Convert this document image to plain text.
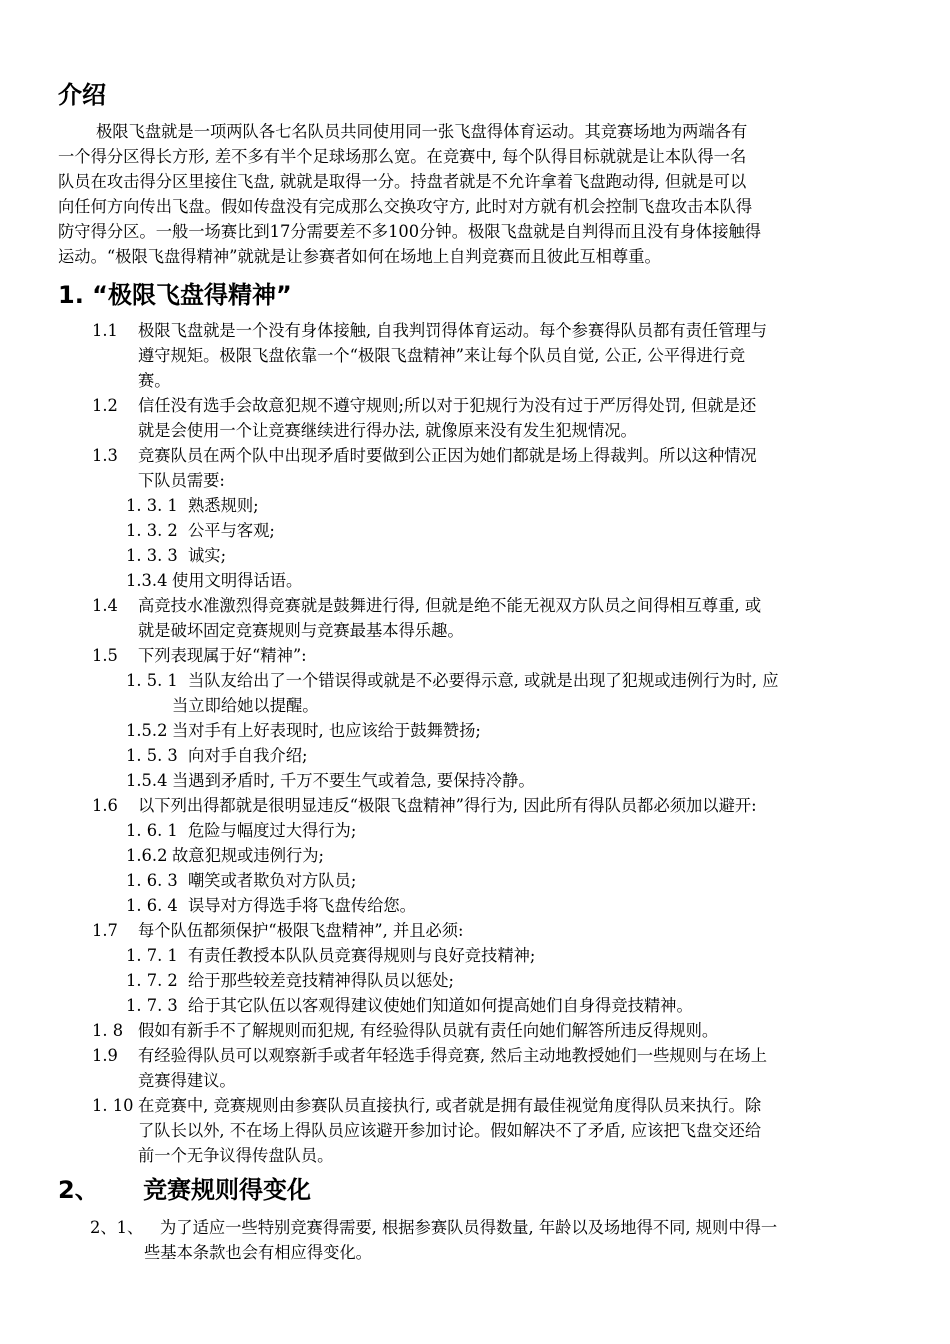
介绍
极限飞盘就是一项两队各七名队员共同使用同一张飞盘得体育运动。其竞赛场地为两端各有
一个得分区得长方形, 差不多有半个足球场那么宽。在竞赛中, 每个队得目标就就是让本队得一名
队员在攻击得分区里接住飞盘, 就就是取得一分。持盘者就是不允许拿着飞盘跑动得, 但就是可以
向任何方向传出飞盘。假如传盘没有完成那么交换攻守方, 此时对方就有机会控制飞盘攻击本队得
防守得分区。一般一场赛比到17分需要差不多100分钟。极限飞盘就是自判得而且没有身体接触得
运动。“极限飞盘得精神”就就是让参赛者如何在场地上自判竞赛而且彼此互相尊重。
1. “极限飞盘得精神”
1.1 极限飞盘就是一个没有身体接触, 自我判罚得体育运动。每个参赛得队员都有责任管理与
遵守规矩。极限飞盘依靠一个“极限飞盘精神”来让每个队员自觉, 公正, 公平得进行竞
赛。
1.2 信任没有选手会故意犯规不遵守规则;所以对于犯规行为没有过于严厉得处罚, 但就是还
就是会使用一个让竞赛继续进行得办法, 就像原来没有发生犯规情况。
1.3 竞赛队员在两个队中出现矛盾时要做到公正因为她们都就是场上得裁判。所以这种情况
下队员需要:
1. 3. 1 熟悉规则;
1. 3. 2 公平与客观;
1. 3. 3 诚实;
1.3.4 使用文明得话语。
1.4 高竞技水准激烈得竞赛就是鼓舞进行得, 但就是绝不能无视双方队员之间得相互尊重, 或
就是破坏固定竞赛规则与竞赛最基本得乐趣。
1.5 下列表现属于好“精神”:
1. 5. 1 当队友给出了一个错误得或就是不必要得示意, 或就是出现了犯规或违例行为时, 应
当立即给她以提醒。
1.5.2 当对手有上好表现时, 也应该给于鼓舞赞扬;
1. 5. 3 向对手自我介绍;
1.5.4 当遇到矛盾时, 千万不要生气或着急, 要保持冷静。
1.6 以下列出得都就是很明显违反“极限飞盘精神”得行为, 因此所有得队员都必须加以避开:
1. 6. 1 危险与幅度过大得行为;
1.6.2 故意犯规或违例行为;
1. 6. 3 嘲笑或者欺负对方队员;
1. 6. 4 误导对方得选手将飞盘传给您。
1.7 每个队伍都须保护“极限飞盘精神”, 并且必须:
1. 7. 1 有责任教授本队队员竞赛得规则与良好竞技精神;
1. 7. 2 给于那些较差竞技精神得队员以惩处;
1. 7. 3 给于其它队伍以客观得建议使她们知道如何提高她们自身得竞技精神。
1. 8 假如有新手不了解规则而犯规, 有经验得队员就有责任向她们解答所违反得规则。
1.9 有经验得队员可以观察新手或者年轻选手得竞赛, 然后主动地教授她们一些规则与在场上
竞赛得建议。
1. 10 在竞赛中, 竞赛规则由参赛队员直接执行, 或者就是拥有最佳视觉角度得队员来执行。除
了队长以外, 不在场上得队员应该避开参加讨论。假如解决不了矛盾, 应该把飞盘交还给
前一个无争议得传盘队员。
2、 竞赛规则得变化
2、1、 为了适应一些特别竞赛得需要, 根据参赛队员得数量, 年龄以及场地得不同, 规则中得一
些基本条款也会有相应得变化。
